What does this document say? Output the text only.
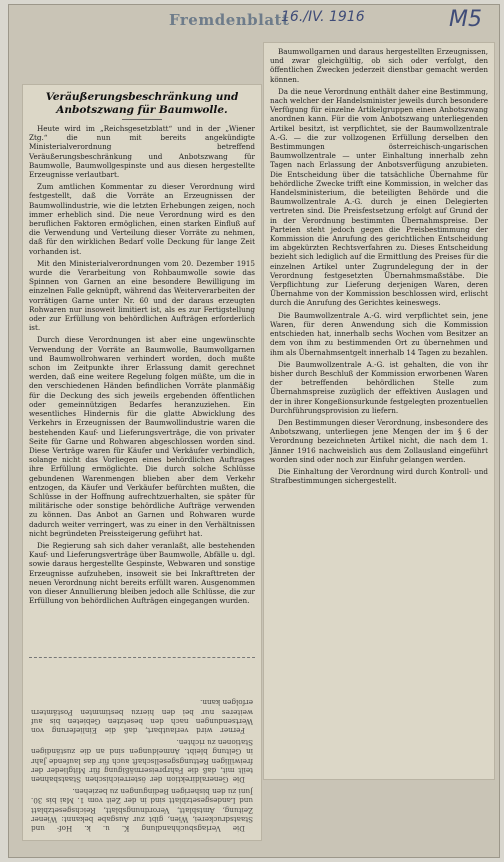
Fremdenblatt
16./IV. 1916	M5
Veräußerungsbeschränkung und Anbotszwang für Baumwolle.

Heute wird im „Reichsgesetzblatt“ und in der „Wiener Ztg.“ die nun mit bereits angekündigte Ministerialverordnung betreffend Veräußerungsbeschränkung und Anbotszwang für Baumwolle, Baumwollgespinste und aus diesen hergestellte Erzeugnisse verlautbart.

Zum amtlichen Kommentar zu dieser Verordnung wird festgestellt, daß die Vorräte an Erzeugnissen der Baumwollindustrie, wie die letzten Erhebungen zeigen, noch immer erheblich sind. Die neue Verordnung wird es den beruflichen Faktoren ermöglichen, einen starken Einfluß auf die Verwendung und Verteilung dieser Vorräte zu nehmen, daß für den wirklichen Bedarf volle Deckung für lange Zeit vorhanden ist.

Mit den Ministerialverordnungen vom 20. Dezember 1915 wurde die Verarbeitung von Rohbaumwolle sowie das Spinnen von Garnen an eine besondere Bewilligung im einzelnen Falle geknüpft, während das Weiterverarbeiten der vorrätigen Garne unter Nr. 60 und der daraus erzeugten Rohwaren nur insoweit limitiert ist, als es zur Fertigstellung oder zur Erfüllung von behördlichen Aufträgen erforderlich ist.

Durch diese Verordnungen ist aber eine ungewünschte Verwendung der Vorräte an Baumwolle, Baumwollgarnen und Baumwollrohwaren verhindert worden, doch mußte schon im Zeitpunkte ihrer Erlassung damit gerechnet werden, daß eine weitere Regelung folgen müßte, um die in den verschiedenen Händen befindlichen Vorräte planmäßig für die Deckung des sich jeweils ergebenden öffentlichen oder gemeinnützigen Bedarfes heranzuziehen. Ein wesentliches Hindernis für die glatte Abwicklung des Verkehrs in Erzeugnissen der Baumwollindustrie waren die bestehenden Kauf- und Lieferungsverträge, die von privater Seite für Garne und Rohwaren abgeschlossen worden sind. Diese Verträge waren für Käufer und Verkäufer verbindlich, solange nicht das Vorliegen eines behördlichen Auftrages ihre Erfüllung ermöglichte. Die durch solche Schlüsse gebundenen Warenmengen blieben aber dem Verkehr entzogen, da Käufer und Verkäufer befürchten mußten, die Schlüsse in der Hoffnung aufrechtzuerhalten, sie später für militärische oder sonstige behördliche Aufträge verwenden zu können. Das Anbot an Garnen und Rohwaren wurde dadurch weiter verringert, was zu einer in den Verhältnissen nicht begründeten Preissteigerung geführt hat.

Die Regierung sah sich daher veranlaßt, alle bestehenden Kauf- und Lieferungsverträge über Baumwolle, Abfälle u. dgl. sowie daraus hergestellte Gespinste, Webwaren und sonstige Erzeugnisse aufzuheben, insoweit sie bei Inkrafttreten der neuen Verordnung nicht bereits erfüllt waren. Ausgenommen von dieser Annullierung bleiben jedoch alle Schlüsse, die zur Erfüllung von behördlichen Aufträgen eingegangen wurden.

Die Verlagsbuchhandlung K. u. k. Hof- und Staatsdruckerei, Wien, gibt zur Ausgabe bekannt: Wiener Zeitung, Amtsblatt, Verordnungsblatt, Reichsgesetzblatt und Landesgesetzblatt sind in der Zeit vom 1. Mai bis 30. Juni zu den bisherigen Bedingungen zu beziehen.

Die Generaldirektion der österreichischen Staatsbahnen teilt mit, daß die Fahrpreisermäßigung für Mitglieder der freiwilligen Rettungsgesellschaft auch für das laufende Jahr in Geltung bleibt. Anmeldungen sind an die zuständigen Stationen zu richten.

Ferner wird verlautbart, daß die Einlieferung von Wertsendungen nach den besetzten Gebieten bis auf weiteres nur bei den hierzu bestimmten Postämtern erfolgen kann.

Baumwollgarnen und daraus hergestellten Erzeugnissen, und zwar gleichgültig, ob sich oder verfolgt, den öffentlichen Zwecken jederzeit dienstbar gemacht werden können.

Da die neue Verordnung enthält daher eine Bestimmung, nach welcher der Handelsminister jeweils durch besondere Verfügung für einzelne Artikelgruppen einen Anbotszwang anordnen kann. Für die vom Anbotszwang unterliegenden Artikel besitzt, ist verpflichtet, sie der Baumwollzentrale A.-G. — die zur vollzogenen Erfüllung derselben den Bestimmungen österreichisch-ungarischen Baumwollzentrale — unter Einhaltung innerhalb zehn Tagen nach Erlassung der Anbotsverfügung anzubieten. Die Entscheidung über die tatsächliche Übernahme für behördliche Zwecke trifft eine Kommission, in welcher das Handelsministerium, die beteiligten Behörde und die Baumwollzentrale A.-G. durch je einen Delegierten vertreten sind. Die Preisfestsetzung erfolgt auf Grund der in der Verordnung bestimmten Übernahmspreise. Der Parteien steht jedoch gegen die Preisbestimmung der Kommission die Anrufung des gerichtlichen Entscheidung im abgekürzten Rechtsverfahren zu. Dieses Entscheidung bezieht sich lediglich auf die Ermittlung des Preises für die einzelnen Artikel unter Zugrundelegung der in der Verordnung festgesetzten Übernahmsmaßstäbe. Die Verpflichtung zur Lieferung derjenigen Waren, deren Übernahme von der Kommission beschlossen wird, erlischt durch die Anrufung des Gerichtes keineswegs.

Die Baumwollzentrale A.-G. wird verpflichtet sein, jene Waren, für deren Anwendung sich die Kommission entschieden hat, innerhalb sechs Wochen vom Besitzer an dem von ihm zu bestimmenden Ort zu übernehmen und ihm als Übernahmsentgelt innerhalb 14 Tagen zu bezahlen.

Die Baumwollzentrale A.-G. ist gehalten, die von ihr bisher durch Beschluß der Kommission erworbenen Waren der betreffenden behördlichen Stelle zum Übernahmspreise zuzüglich der effektiven Auslagen und der in ihrer Kongeßionsurkunde festgelegten prozentuellen Durchführungsprovision zu liefern.

Den Bestimmungen dieser Verordnung, insbesondere des Anbotszwang, unterliegen jene Mengen der im § 6 der Verordnung bezeichneten Artikel nicht, die nach dem 1. Jänner 1916 nachweislich aus dem Zollausland eingeführt worden sind oder noch zur Einfuhr gelangen werden.

Die Einhaltung der Verordnung wird durch Kontroll- und Strafbestimmungen sichergestellt.
